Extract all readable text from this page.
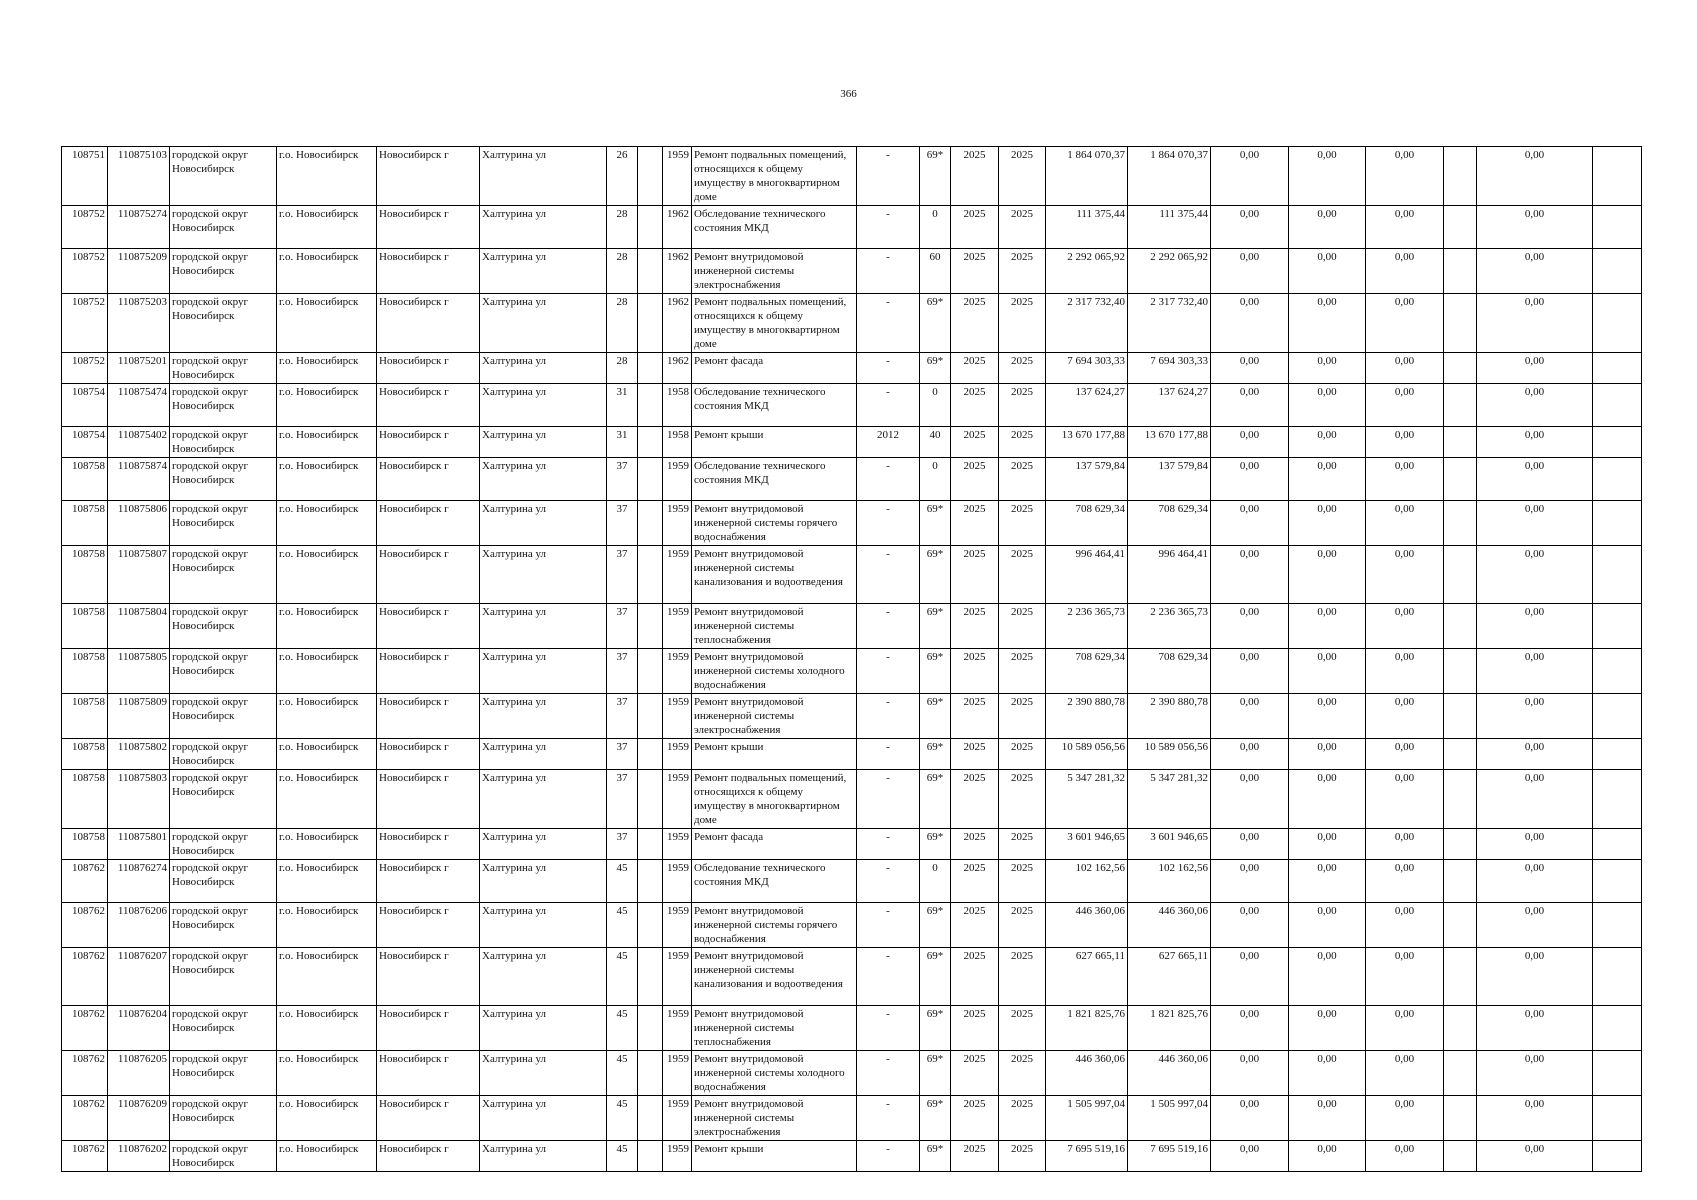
366
108751	110875103	городской округ Новосибирск	г.о. Новосибирск	Новосибирск г	Халтурина ул	26		1959	Ремонт подвальных помещений, относящихся к общему имуществу в многоквартирном доме	-	69*	2025	2025	1 864 070,37	1 864 070,37	0,00	0,00	0,00		0,00	
108752	110875274	городской округ Новосибирск	г.о. Новосибирск	Новосибирск г	Халтурина ул	28		1962	Обследование технического состояния МКД	-	0	2025	2025	111 375,44	111 375,44	0,00	0,00	0,00		0,00	
108752	110875209	городской округ Новосибирск	г.о. Новосибирск	Новосибирск г	Халтурина ул	28		1962	Ремонт внутридомовой инженерной системы электроснабжения	-	60	2025	2025	2 292 065,92	2 292 065,92	0,00	0,00	0,00		0,00	
108752	110875203	городской округ Новосибирск	г.о. Новосибирск	Новосибирск г	Халтурина ул	28		1962	Ремонт подвальных помещений, относящихся к общему имуществу в многоквартирном доме	-	69*	2025	2025	2 317 732,40	2 317 732,40	0,00	0,00	0,00		0,00	
108752	110875201	городской округ Новосибирск	г.о. Новосибирск	Новосибирск г	Халтурина ул	28		1962	Ремонт фасада	-	69*	2025	2025	7 694 303,33	7 694 303,33	0,00	0,00	0,00		0,00	
108754	110875474	городской округ Новосибирск	г.о. Новосибирск	Новосибирск г	Халтурина ул	31		1958	Обследование технического состояния МКД	-	0	2025	2025	137 624,27	137 624,27	0,00	0,00	0,00		0,00	
108754	110875402	городской округ Новосибирск	г.о. Новосибирск	Новосибирск г	Халтурина ул	31		1958	Ремонт крыши	2012	40	2025	2025	13 670 177,88	13 670 177,88	0,00	0,00	0,00		0,00	
108758	110875874	городской округ Новосибирск	г.о. Новосибирск	Новосибирск г	Халтурина ул	37		1959	Обследование технического состояния МКД	-	0	2025	2025	137 579,84	137 579,84	0,00	0,00	0,00		0,00	
108758	110875806	городской округ Новосибирск	г.о. Новосибирск	Новосибирск г	Халтурина ул	37		1959	Ремонт внутридомовой инженерной системы горячего водоснабжения	-	69*	2025	2025	708 629,34	708 629,34	0,00	0,00	0,00		0,00	
108758	110875807	городской округ Новосибирск	г.о. Новосибирск	Новосибирск г	Халтурина ул	37		1959	Ремонт внутридомовой инженерной системы канализования и водоотведения	-	69*	2025	2025	996 464,41	996 464,41	0,00	0,00	0,00		0,00	
108758	110875804	городской округ Новосибирск	г.о. Новосибирск	Новосибирск г	Халтурина ул	37		1959	Ремонт внутридомовой инженерной системы теплоснабжения	-	69*	2025	2025	2 236 365,73	2 236 365,73	0,00	0,00	0,00		0,00	
108758	110875805	городской округ Новосибирск	г.о. Новосибирск	Новосибирск г	Халтурина ул	37		1959	Ремонт внутридомовой инженерной системы холодного водоснабжения	-	69*	2025	2025	708 629,34	708 629,34	0,00	0,00	0,00		0,00	
108758	110875809	городской округ Новосибирск	г.о. Новосибирск	Новосибирск г	Халтурина ул	37		1959	Ремонт внутридомовой инженерной системы электроснабжения	-	69*	2025	2025	2 390 880,78	2 390 880,78	0,00	0,00	0,00		0,00	
108758	110875802	городской округ Новосибирск	г.о. Новосибирск	Новосибирск г	Халтурина ул	37		1959	Ремонт крыши	-	69*	2025	2025	10 589 056,56	10 589 056,56	0,00	0,00	0,00		0,00	
108758	110875803	городской округ Новосибирск	г.о. Новосибирск	Новосибирск г	Халтурина ул	37		1959	Ремонт подвальных помещений, относящихся к общему имуществу в многоквартирном доме	-	69*	2025	2025	5 347 281,32	5 347 281,32	0,00	0,00	0,00		0,00	
108758	110875801	городской округ Новосибирск	г.о. Новосибирск	Новосибирск г	Халтурина ул	37		1959	Ремонт фасада	-	69*	2025	2025	3 601 946,65	3 601 946,65	0,00	0,00	0,00		0,00	
108762	110876274	городской округ Новосибирск	г.о. Новосибирск	Новосибирск г	Халтурина ул	45		1959	Обследование технического состояния МКД	-	0	2025	2025	102 162,56	102 162,56	0,00	0,00	0,00		0,00	
108762	110876206	городской округ Новосибирск	г.о. Новосибирск	Новосибирск г	Халтурина ул	45		1959	Ремонт внутридомовой инженерной системы горячего водоснабжения	-	69*	2025	2025	446 360,06	446 360,06	0,00	0,00	0,00		0,00	
108762	110876207	городской округ Новосибирск	г.о. Новосибирск	Новосибирск г	Халтурина ул	45		1959	Ремонт внутридомовой инженерной системы канализования и водоотведения	-	69*	2025	2025	627 665,11	627 665,11	0,00	0,00	0,00		0,00	
108762	110876204	городской округ Новосибирск	г.о. Новосибирск	Новосибирск г	Халтурина ул	45		1959	Ремонт внутридомовой инженерной системы теплоснабжения	-	69*	2025	2025	1 821 825,76	1 821 825,76	0,00	0,00	0,00		0,00	
108762	110876205	городской округ Новосибирск	г.о. Новосибирск	Новосибирск г	Халтурина ул	45		1959	Ремонт внутридомовой инженерной системы холодного водоснабжения	-	69*	2025	2025	446 360,06	446 360,06	0,00	0,00	0,00		0,00	
108762	110876209	городской округ Новосибирск	г.о. Новосибирск	Новосибирск г	Халтурина ул	45		1959	Ремонт внутридомовой инженерной системы электроснабжения	-	69*	2025	2025	1 505 997,04	1 505 997,04	0,00	0,00	0,00		0,00	
108762	110876202	городской округ Новосибирск	г.о. Новосибирск	Новосибирск г	Халтурина ул	45		1959	Ремонт крыши	-	69*	2025	2025	7 695 519,16	7 695 519,16	0,00	0,00	0,00		0,00	
